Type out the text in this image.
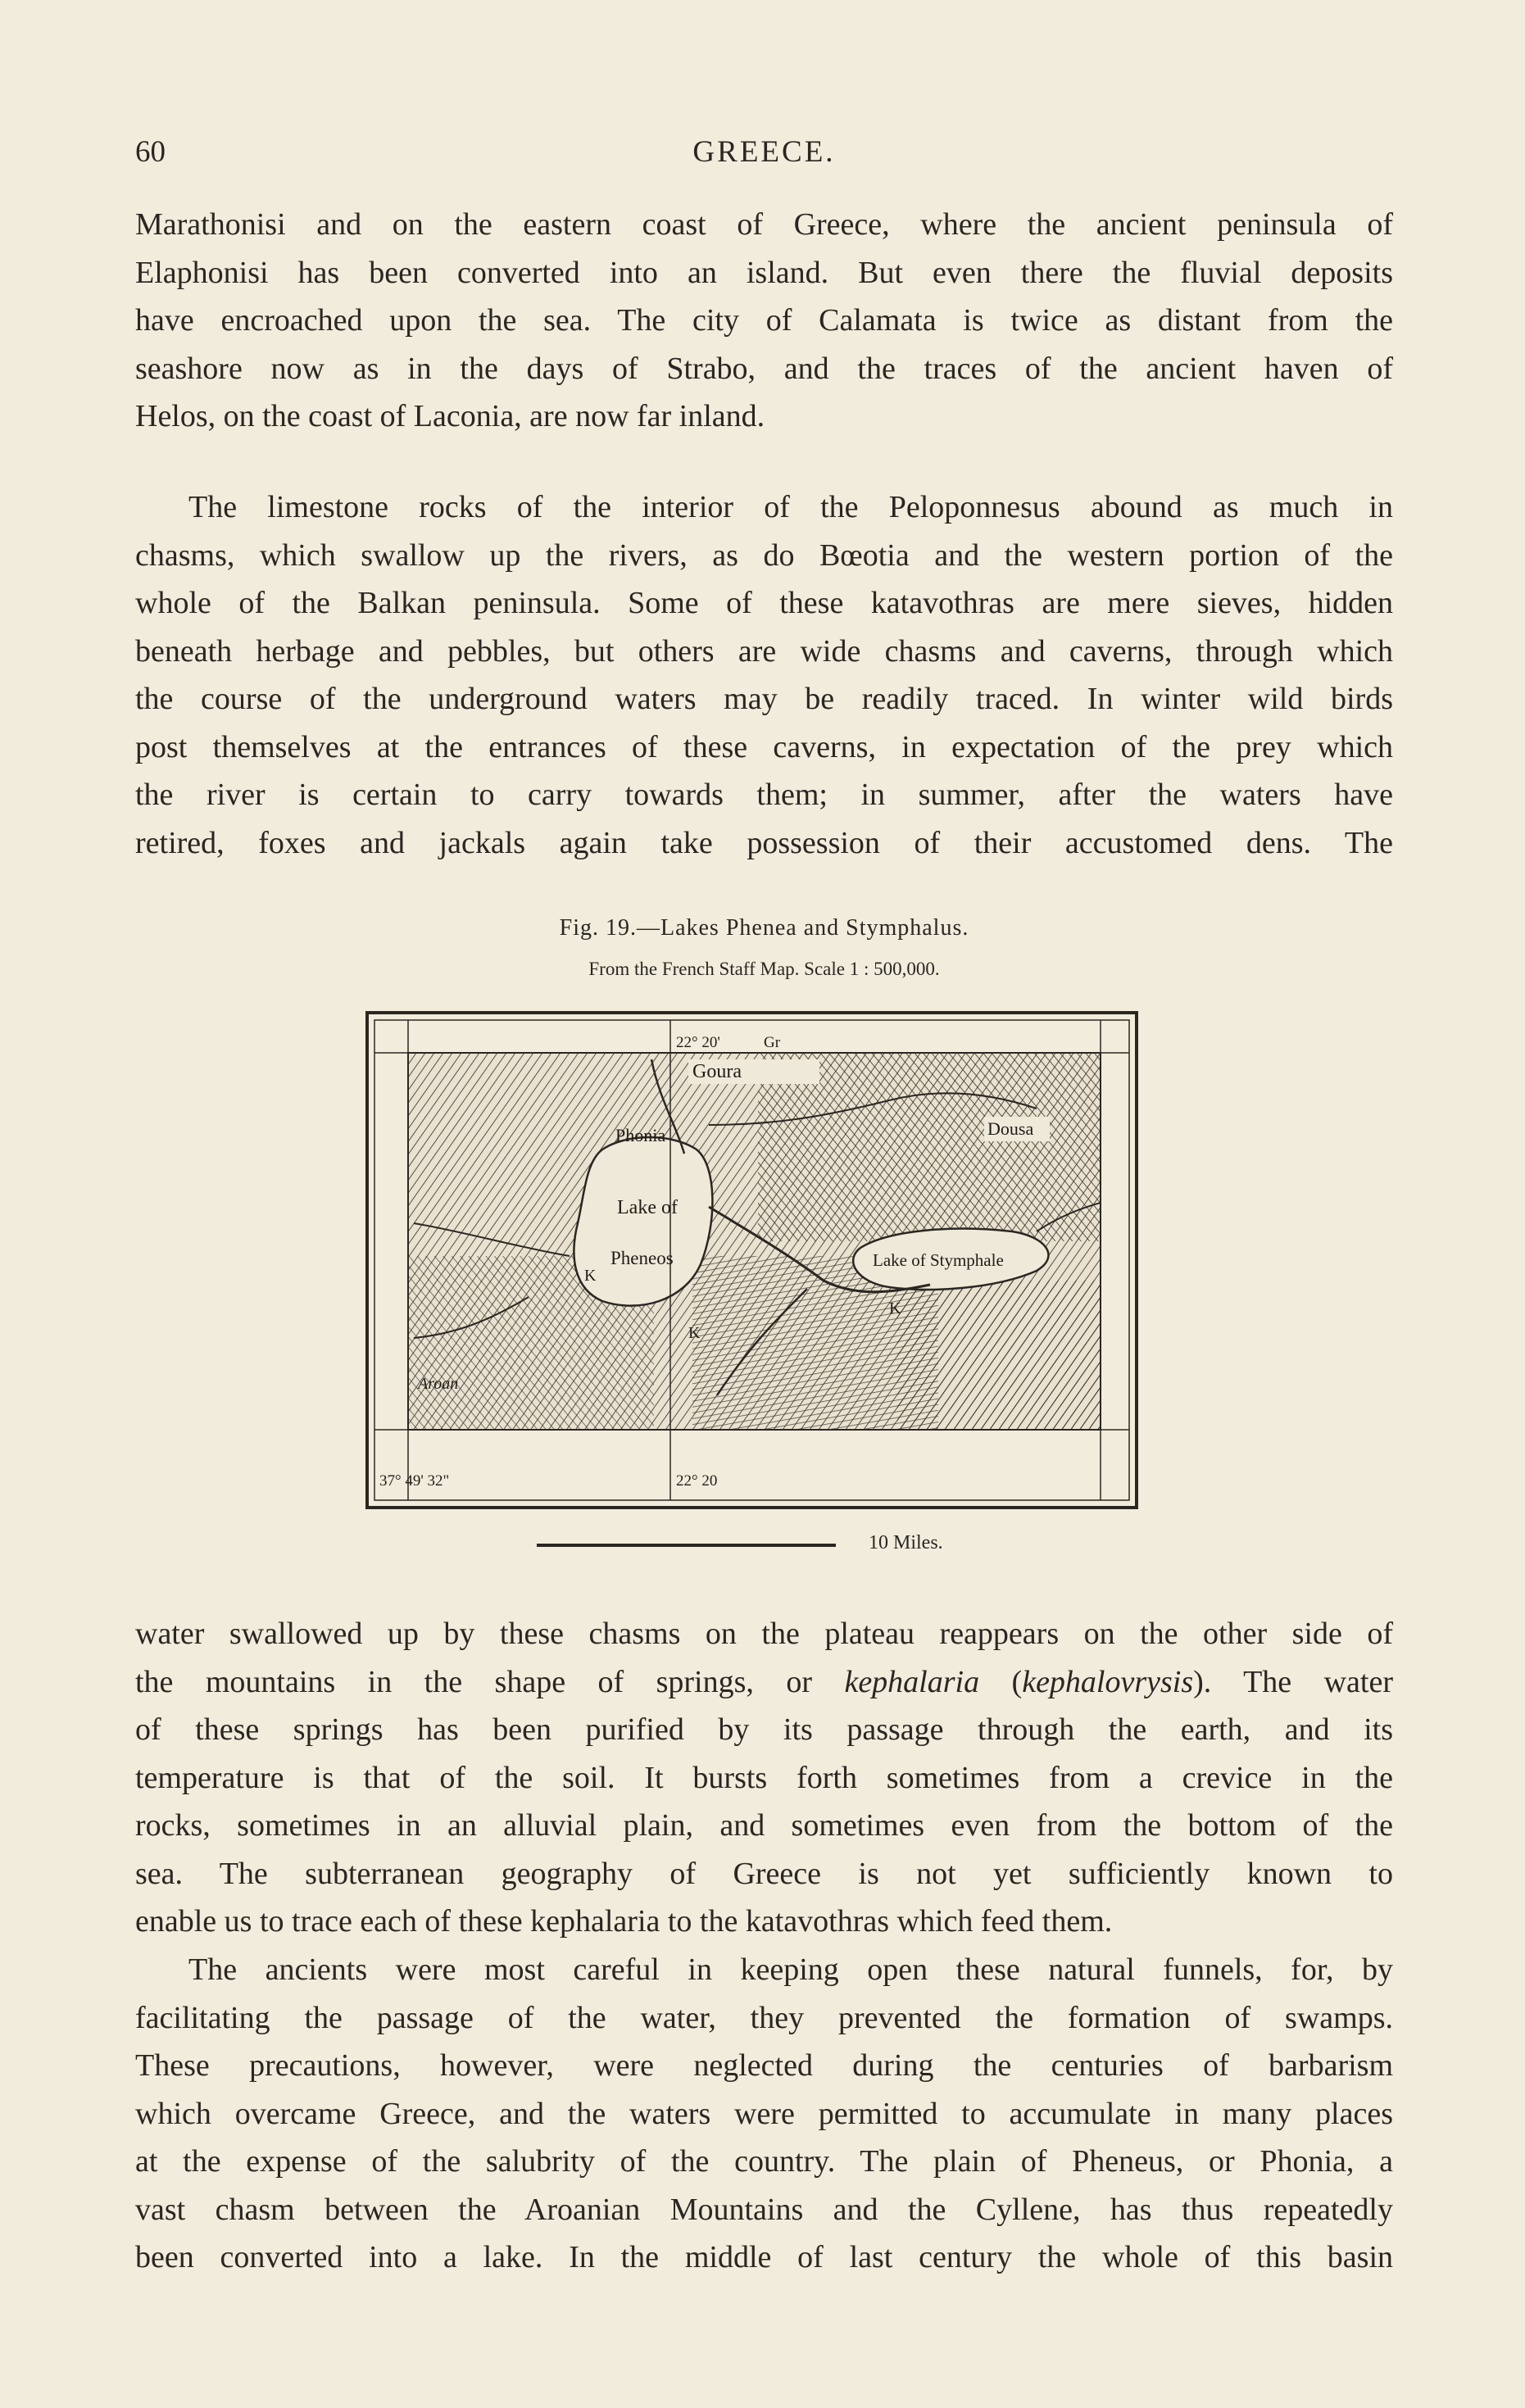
60	GREECE.
Marathonisi and on the eastern coast of Greece, where the ancient peninsula of
Elaphonisi has been converted into an island. But even there the fluvial deposits
have encroached upon the sea. The city of Calamata is twice as distant from the
seashore now as in the days of Strabo, and the traces of the ancient haven of
Helos, on the coast of Laconia, are now far inland.
The limestone rocks of the interior of the Peloponnesus abound as much in
chasms, which swallow up the rivers, as do Bœotia and the western portion of the
whole of the Balkan peninsula. Some of these katavothras are mere sieves, hidden
beneath herbage and pebbles, but others are wide chasms and caverns, through which
the course of the underground waters may be readily traced. In winter wild birds
post themselves at the entrances of these caverns, in expectation of the prey which
the river is certain to carry towards them; in summer, after the waters have
retired, foxes and jackals again take possession of their accustomed dens. The
Fig. 19.—Lakes Phenea and Stymphalus.
From the French Staff Map. Scale 1 : 500,000.
22° 20'	Gr
37° 49' 32"	22° 20
Goura
Phonia
Lake of
Pheneos
Dousa
Lake of Stymphale
K
K
K
Aroan
10 Miles.
water swallowed up by these chasms on the plateau reappears on the other side of
the mountains in the shape of springs, or kephalaria (kephalovrysis). The water
of these springs has been purified by its passage through the earth, and its
temperature is that of the soil. It bursts forth sometimes from a crevice in the
rocks, sometimes in an alluvial plain, and sometimes even from the bottom of the
sea. The subterranean geography of Greece is not yet sufficiently known to
enable us to trace each of these kephalaria to the katavothras which feed them.
The ancients were most careful in keeping open these natural funnels, for, by
facilitating the passage of the water, they prevented the formation of swamps.
These precautions, however, were neglected during the centuries of barbarism
which overcame Greece, and the waters were permitted to accumulate in many places
at the expense of the salubrity of the country. The plain of Pheneus, or Phonia, a
vast chasm between the Aroanian Mountains and the Cyllene, has thus repeatedly
been converted into a lake. In the middle of last century the whole of this basin
